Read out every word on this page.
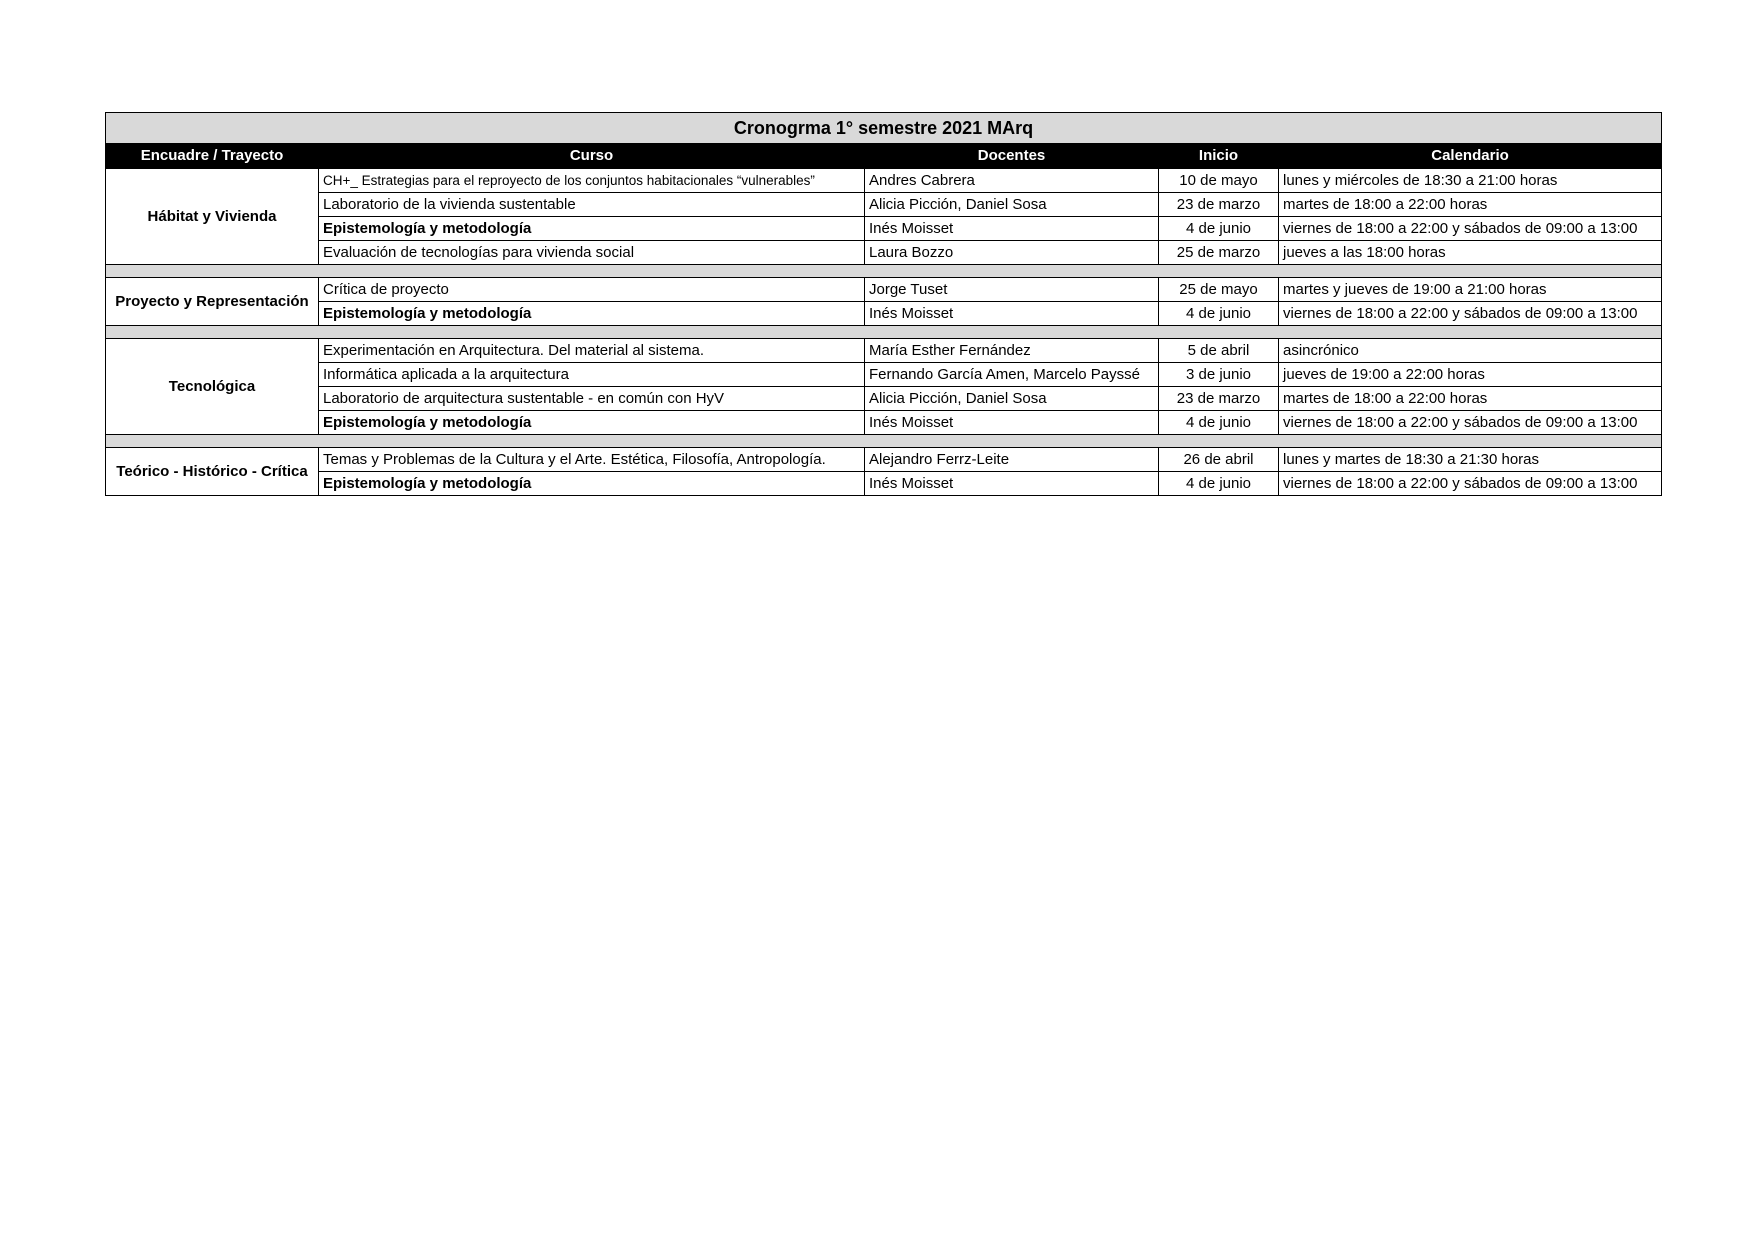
Cronogrma 1° semestre 2021 MArq				
Encuadre / Trayecto	Curso	Docentes	Inicio	Calendario
Hábitat y Vivienda	CH+_ Estrategias para el reproyecto de los conjuntos habitacionales “vulnerables”	Andres Cabrera	10 de mayo	lunes y miércoles de 18:30 a 21:00 horas
	Laboratorio de la vivienda sustentable	Alicia Picción, Daniel Sosa	23 de marzo	martes de 18:00 a 22:00 horas
	Epistemología y metodología	Inés Moisset	4 de junio	viernes de 18:00 a 22:00 y sábados de 09:00 a 13:00
	Evaluación de tecnologías para vivienda social	Laura Bozzo	25 de marzo	jueves a las 18:00 horas

Proyecto y Representación	Crítica de proyecto	Jorge Tuset	25 de mayo	martes y jueves de 19:00 a 21:00 horas
	Epistemología y metodología	Inés Moisset	4 de junio	viernes de 18:00 a 22:00 y sábados de 09:00 a 13:00

Tecnológica	Experimentación en Arquitectura. Del material al sistema.	María Esther Fernández	5 de abril	asincrónico
	Informática aplicada a la arquitectura	Fernando García Amen, Marcelo Payssé	3 de junio	jueves de 19:00 a 22:00 horas
	Laboratorio de arquitectura sustentable - en común con HyV	Alicia Picción, Daniel Sosa	23 de marzo	martes de 18:00 a 22:00 horas
	Epistemología y metodología	Inés Moisset	4 de junio	viernes de 18:00 a 22:00 y sábados de 09:00 a 13:00

Teórico - Histórico - Crítica	Temas y Problemas de la Cultura y el Arte. Estética, Filosofía, Antropología.	Alejandro Ferrz-Leite	26 de abril	lunes y martes de 18:30 a 21:30 horas
	Epistemología y metodología	Inés Moisset	4 de junio	viernes de 18:00 a 22:00 y sábados de 09:00 a 13:00
